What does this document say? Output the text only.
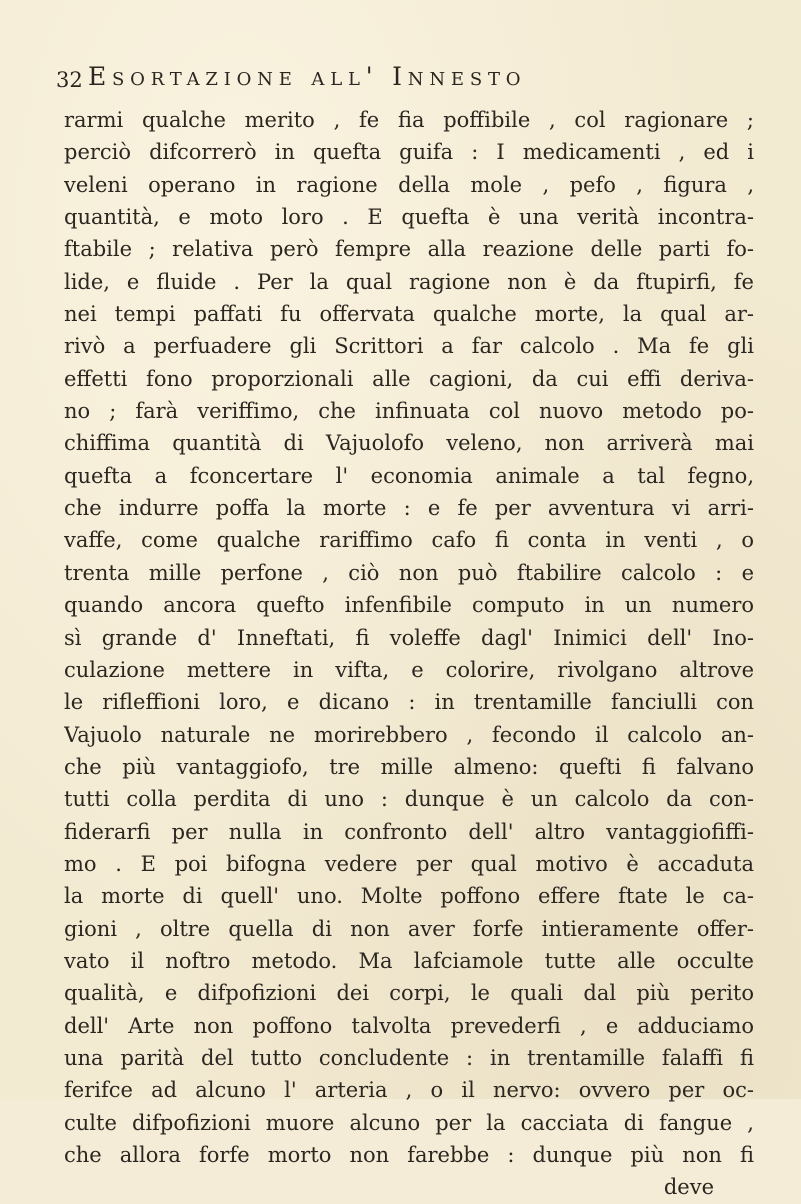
32 Esortazione all' Innesto
rarmi qualche merito , fe fia poffibile , col ragionare ;
perciò difcorrerò in quefta guifa : I medicamenti , ed i
veleni operano in ragione della mole , pefo , figura ,
quantità, e moto loro . E quefta è una verità incontra-
ftabile ; relativa però fempre alla reazione delle parti fo-
lide, e fluide . Per la qual ragione non è da ftupirfi, fe
nei tempi paffati fu offervata qualche morte, la qual ar-
rivò a perfuadere gli Scrittori a far calcolo . Ma fe gli
effetti fono proporzionali alle cagioni, da cui effi deriva-
no ; farà veriffimo, che infinuata col nuovo metodo po-
chiffima quantità di Vajuolofo veleno, non arriverà mai
quefta a fconcertare l' economia animale a tal fegno,
che indurre poffa la morte : e fe per avventura vi arri-
vaffe, come qualche rariffimo cafo fi conta in venti , o
trenta mille perfone , ciò non può ftabilire calcolo : e
quando ancora quefto infenfibile computo in un numero
sì grande d' Inneftati, fi voleffe dagl' Inimici dell' Ino-
culazione mettere in vifta, e colorire, rivolgano altrove
le rifleffioni loro, e dicano : in trentamille fanciulli con
Vajuolo naturale ne morirebbero , fecondo il calcolo an-
che più vantaggiofo, tre mille almeno: quefti fi falvano
tutti colla perdita di uno : dunque è un calcolo da con-
fiderarfi per nulla in confronto dell' altro vantaggiofiffi-
mo . E poi bifogna vedere per qual motivo è accaduta
la morte di quell' uno. Molte poffono effere ftate le ca-
gioni , oltre quella di non aver forfe intieramente offer-
vato il noftro metodo. Ma lafciamole tutte alle occulte
qualità, e difpofizioni dei corpi, le quali dal più perito
dell' Arte non poffono talvolta prevederfi , e adduciamo
una parità del tutto concludente : in trentamille falaffi fi
ferifce ad alcuno l' arteria , o il nervo: ovvero per oc-
culte difpofizioni muore alcuno per la cacciata di fangue ,
che allora forfe morto non farebbe : dunque più non fi
deve
